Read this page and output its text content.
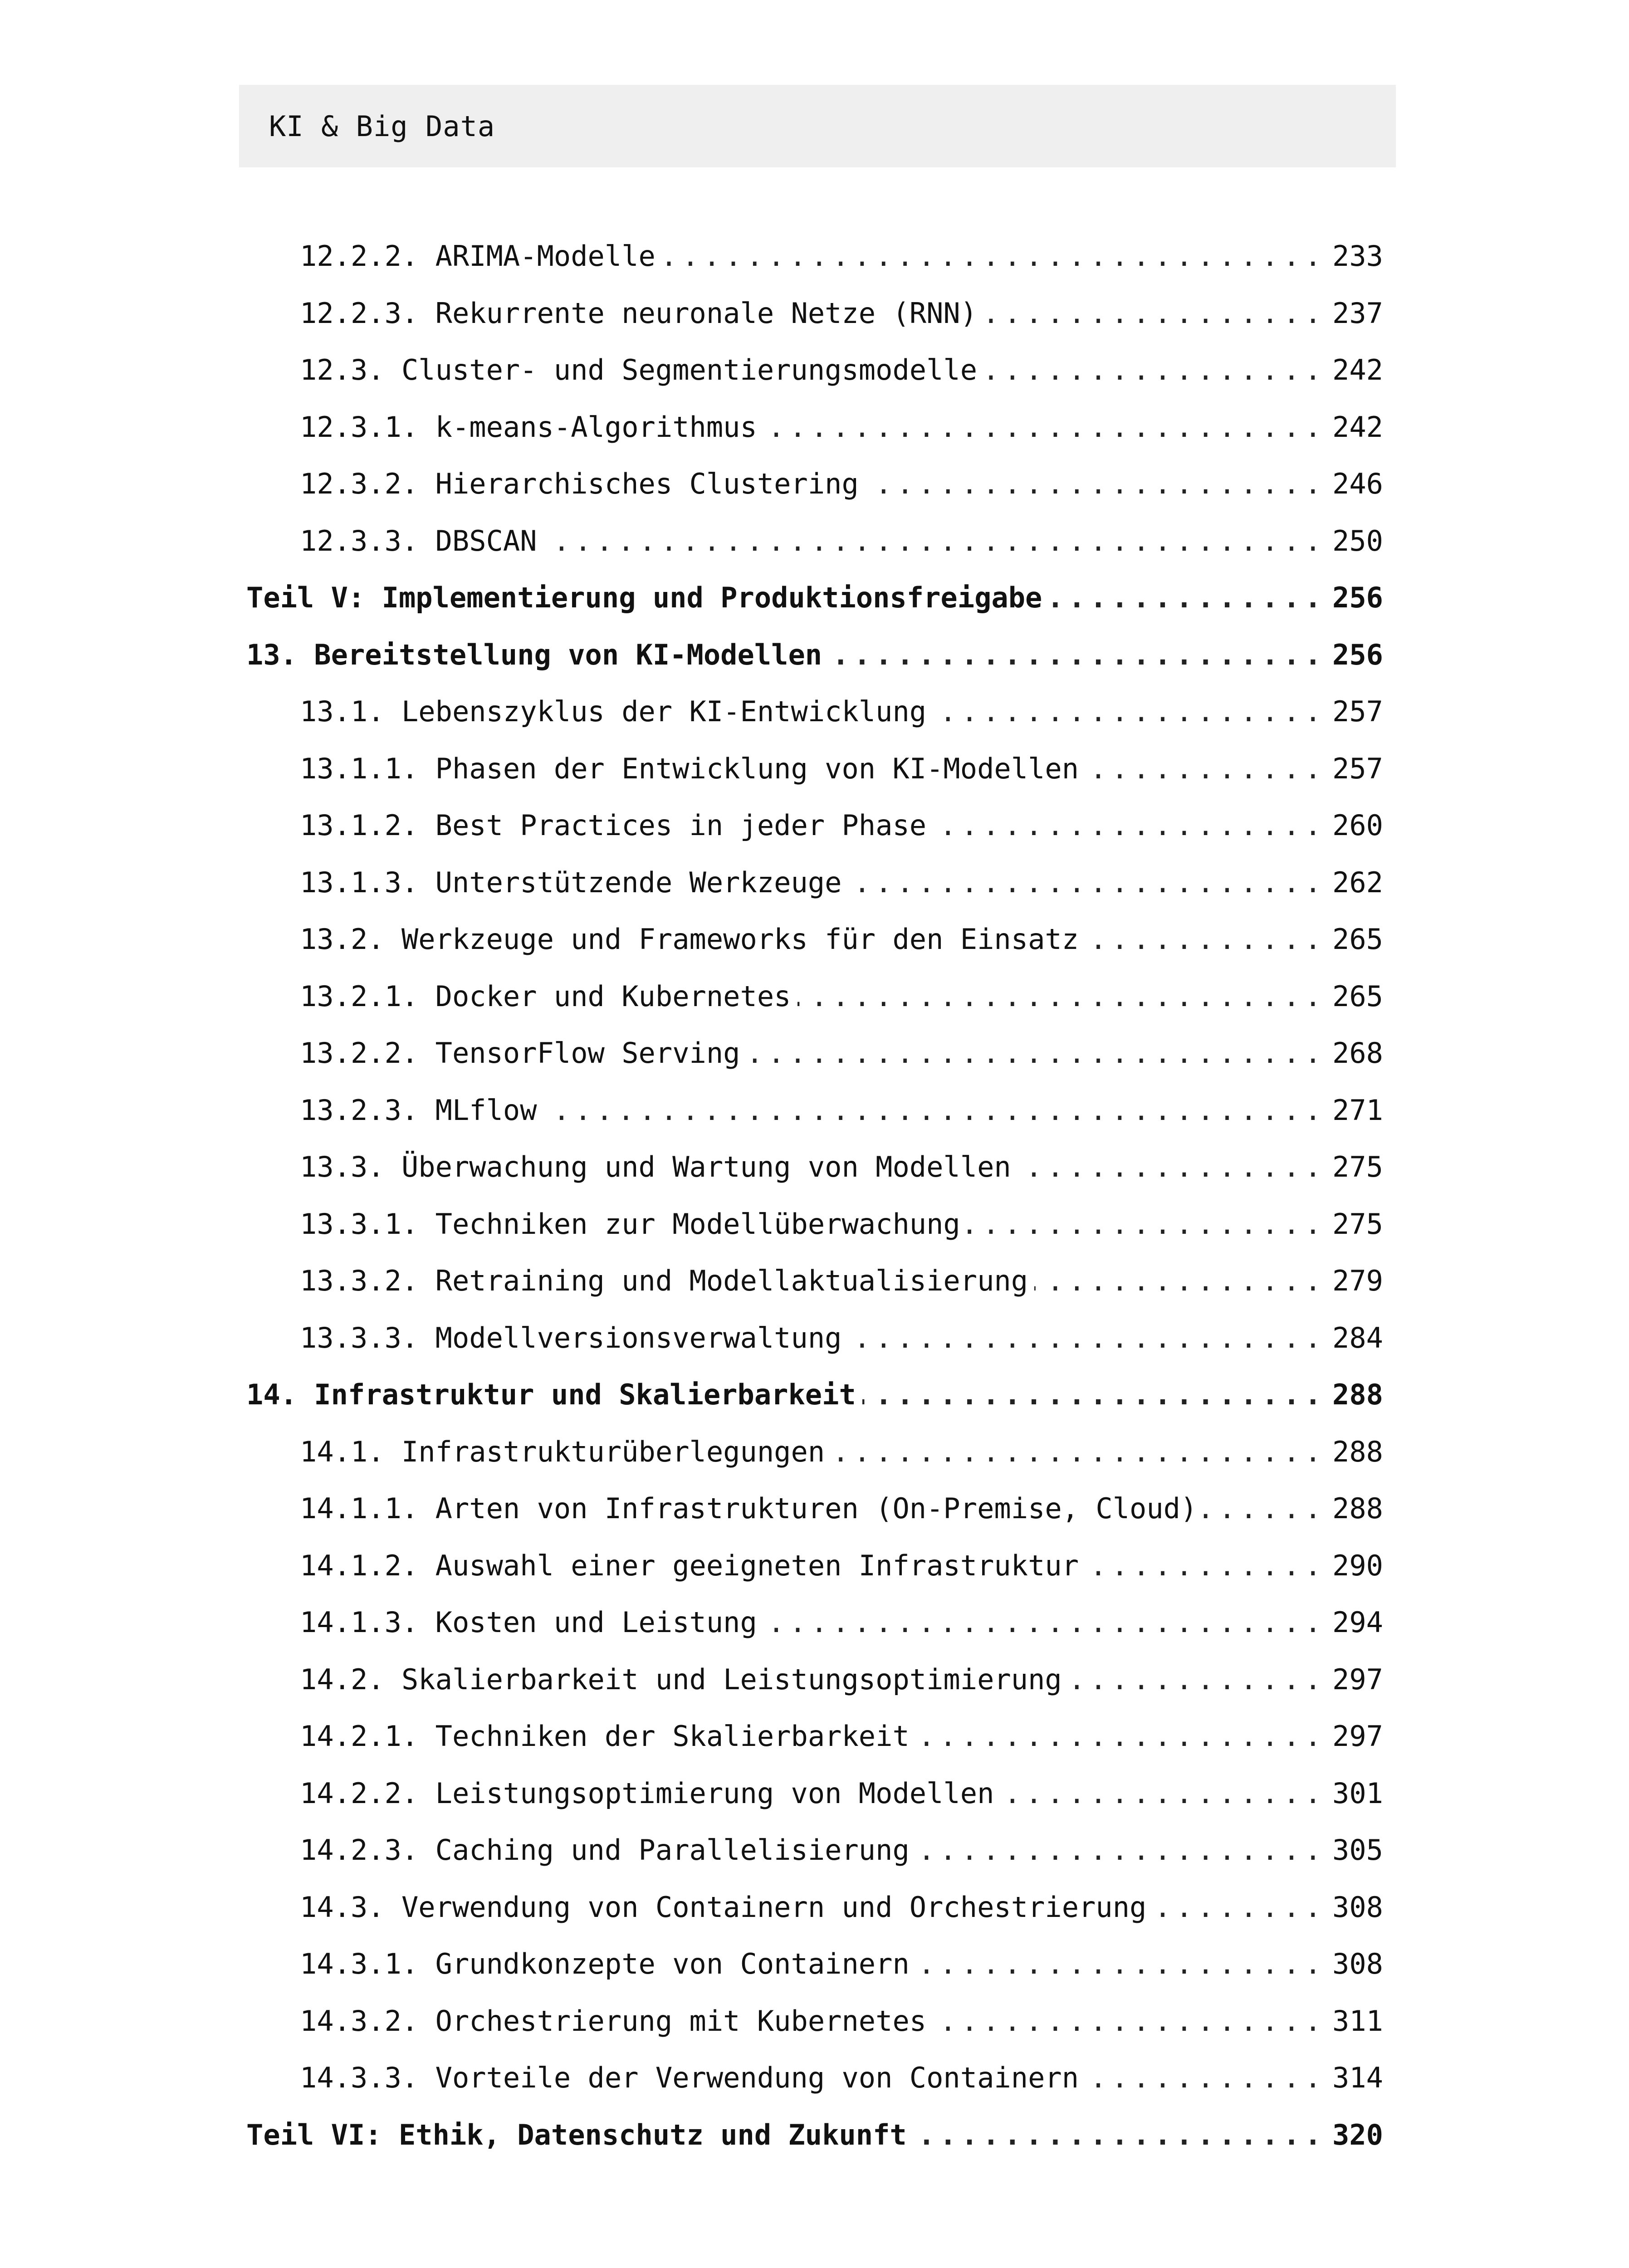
KI & Big Data
12.2.2. ARIMA-Modelle .....	233
12.2.3. Rekurrente neuronale Netze (RNN) .....	237
12.3. Cluster- und Segmentierungsmodelle .....	242
12.3.1. k-means-Algorithmus .....	242
12.3.2. Hierarchisches Clustering .....	246
12.3.3. DBSCAN .....	250
Teil V: Implementierung und Produktionsfreigabe .....	256
13. Bereitstellung von KI-Modellen .....	256
13.1. Lebenszyklus der KI-Entwicklung .....	257
13.1.1. Phasen der Entwicklung von KI-Modellen .....	257
13.1.2. Best Practices in jeder Phase .....	260
13.1.3. Unterstützende Werkzeuge .....	262
13.2. Werkzeuge und Frameworks für den Einsatz .....	265
13.2.1. Docker und Kubernetes .....	265
13.2.2. TensorFlow Serving .....	268
13.2.3. MLflow .....	271
13.3. Überwachung und Wartung von Modellen .....	275
13.3.1. Techniken zur Modellüberwachung .....	275
13.3.2. Retraining und Modellaktualisierung .....	279
13.3.3. Modellversionsverwaltung .....	284
14. Infrastruktur und Skalierbarkeit .....	288
14.1. Infrastrukturüberlegungen .....	288
14.1.1. Arten von Infrastrukturen (On-Premise, Cloud) .....	288
14.1.2. Auswahl einer geeigneten Infrastruktur .....	290
14.1.3. Kosten und Leistung .....	294
14.2. Skalierbarkeit und Leistungsoptimierung .....	297
14.2.1. Techniken der Skalierbarkeit .....	297
14.2.2. Leistungsoptimierung von Modellen .....	301
14.2.3. Caching und Parallelisierung .....	305
14.3. Verwendung von Containern und Orchestrierung .....	308
14.3.1. Grundkonzepte von Containern .....	308
14.3.2. Orchestrierung mit Kubernetes .....	311
14.3.3. Vorteile der Verwendung von Containern .....	314
Teil VI: Ethik, Datenschutz und Zukunft .....	320
